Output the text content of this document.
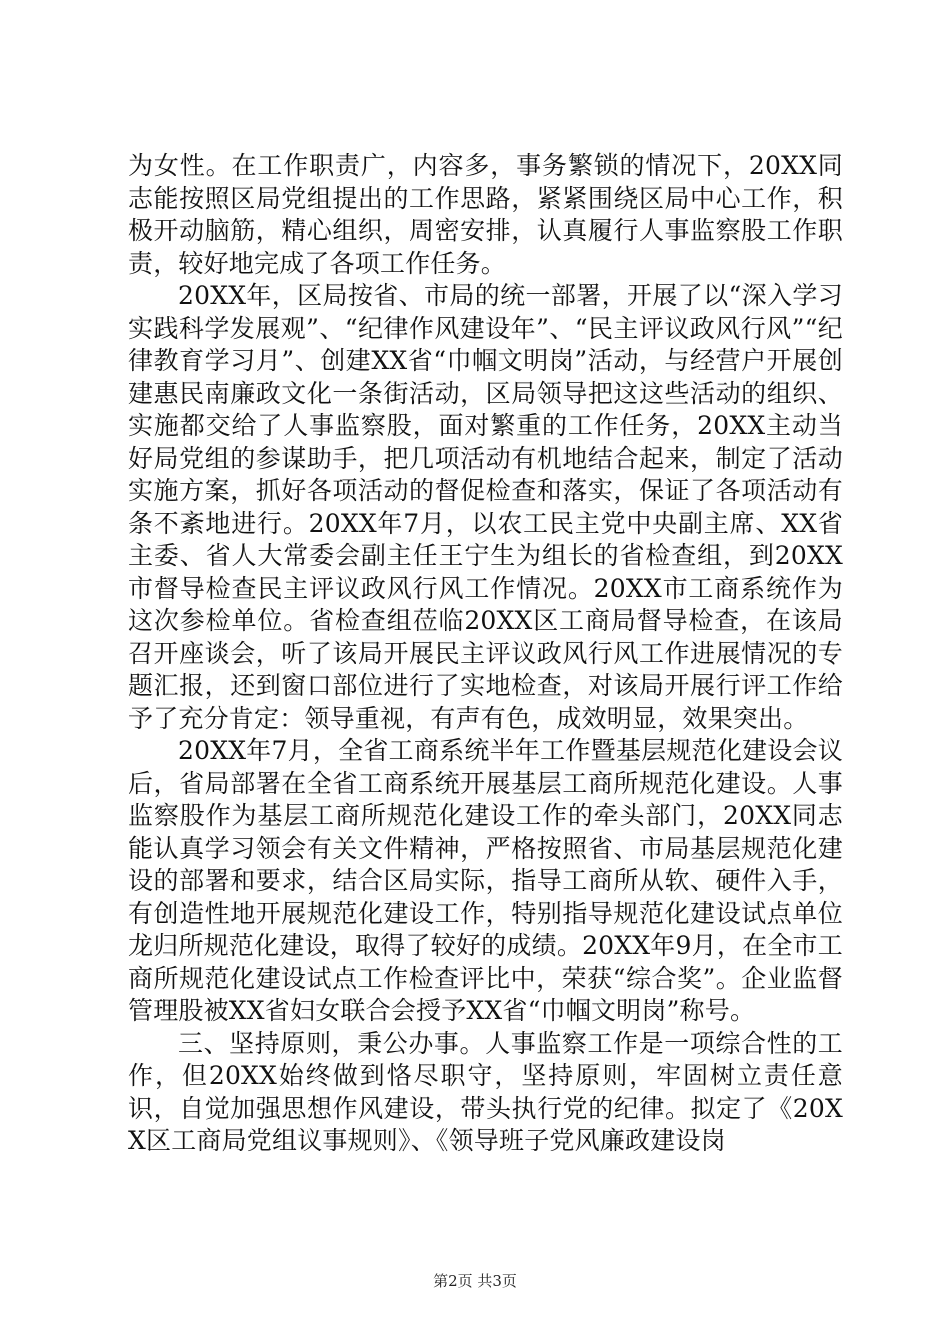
为女性。在工作职责广，内容多，事务繁锁的情况下，20XX同志能按照区局党组提出的工作思路，紧紧围绕区局中心工作，积极开动脑筋，精心组织，周密安排，认真履行人事监察股工作职责，较好地完成了各项工作任务。

20XX年，区局按省、市局的统一部署，开展了以“深入学习实践科学发展观”、“纪律作风建设年”、“民主评议政风行风”“纪律教育学习月”、创建XX省“巾帼文明岗”活动，与经营户开展创建惠民南廉政文化一条街活动，区局领导把这这些活动的组织、实施都交给了人事监察股，面对繁重的工作任务，20XX主动当好局党组的参谋助手，把几项活动有机地结合起来，制定了活动实施方案，抓好各项活动的督促检查和落实，保证了各项活动有条不紊地进行。20XX年7月，以农工民主党中央副主席、XX省主委、省人大常委会副主任王宁生为组长的省检查组，到20XX市督导检查民主评议政风行风工作情况。20XX市工商系统作为这次参检单位。省检查组莅临20XX区工商局督导检查，在该局召开座谈会，听了该局开展民主评议政风行风工作进展情况的专题汇报，还到窗口部位进行了实地检查，对该局开展行评工作给予了充分肯定：领导重视，有声有色，成效明显，效果突出。

20XX年7月，全省工商系统半年工作暨基层规范化建设会议后，省局部署在全省工商系统开展基层工商所规范化建设。人事监察股作为基层工商所规范化建设工作的牵头部门，20XX同志能认真学习领会有关文件精神，严格按照省、市局基层规范化建设的部署和要求，结合区局实际，指导工商所从软、硬件入手，有创造性地开展规范化建设工作，特别指导规范化建设试点单位龙归所规范化建设，取得了较好的成绩。20XX年9月，在全市工商所规范化建设试点工作检查评比中，荣获“综合奖”。企业监督管理股被XX省妇女联合会授予XX省“巾帼文明岗”称号。

三、坚持原则，秉公办事。人事监察工作是一项综合性的工作，但20XX始终做到恪尽职守，坚持原则，牢固树立责任意识，自觉加强思想作风建设，带头执行党的纪律。拟定了《20XX区工商局党组议事规则》、《领导班子党风廉政建设岗

第2页 共3页
